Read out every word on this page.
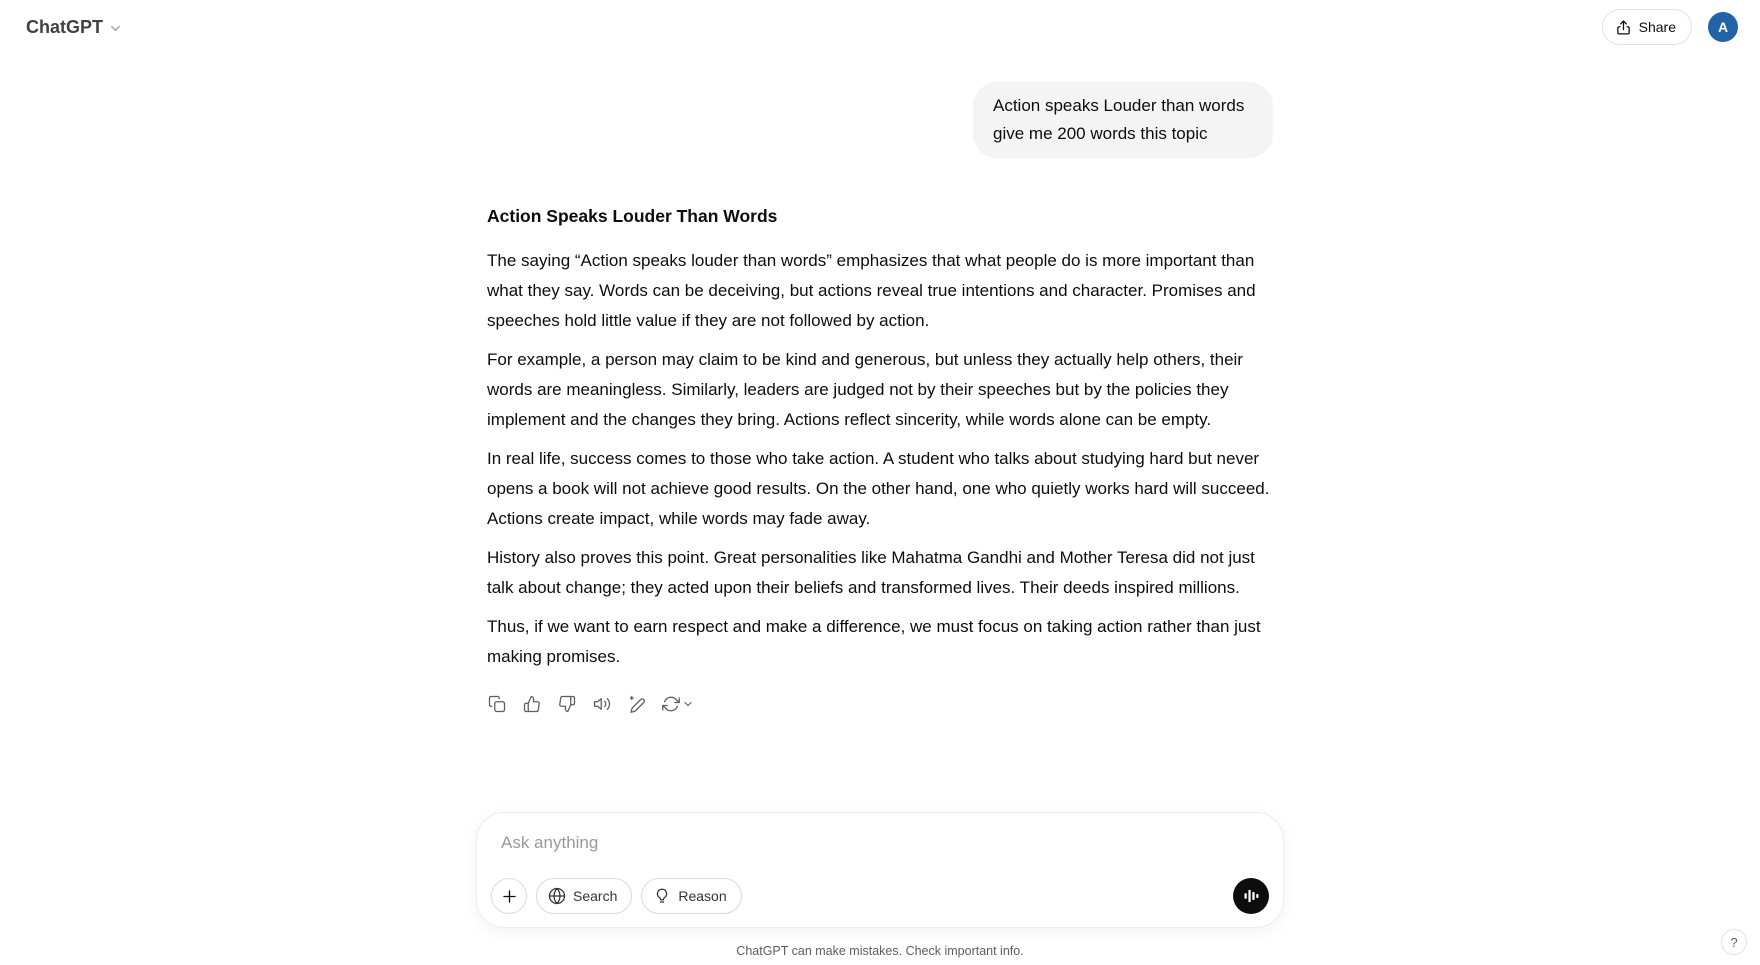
ChatGPT	Share	A
Action speaks Louder than words give me 200 words this topic
Action Speaks Louder Than Words

The saying “Action speaks louder than words” emphasizes that what people do is more important than what they say. Words can be deceiving, but actions reveal true intentions and character. Promises and speeches hold little value if they are not followed by action.

For example, a person may claim to be kind and generous, but unless they actually help others, their words are meaningless. Similarly, leaders are judged not by their speeches but by the policies they implement and the changes they bring. Actions reflect sincerity, while words alone can be empty.

In real life, success comes to those who take action. A student who talks about studying hard but never opens a book will not achieve good results. On the other hand, one who quietly works hard will succeed. Actions create impact, while words may fade away.

History also proves this point. Great personalities like Mahatma Gandhi and Mother Teresa did not just talk about change; they acted upon their beliefs and transformed lives. Their deeds inspired millions.

Thus, if we want to earn respect and make a difference, we must focus on taking action rather than just making promises.

Ask anything
Search	Reason
ChatGPT can make mistakes. Check important info.
?
